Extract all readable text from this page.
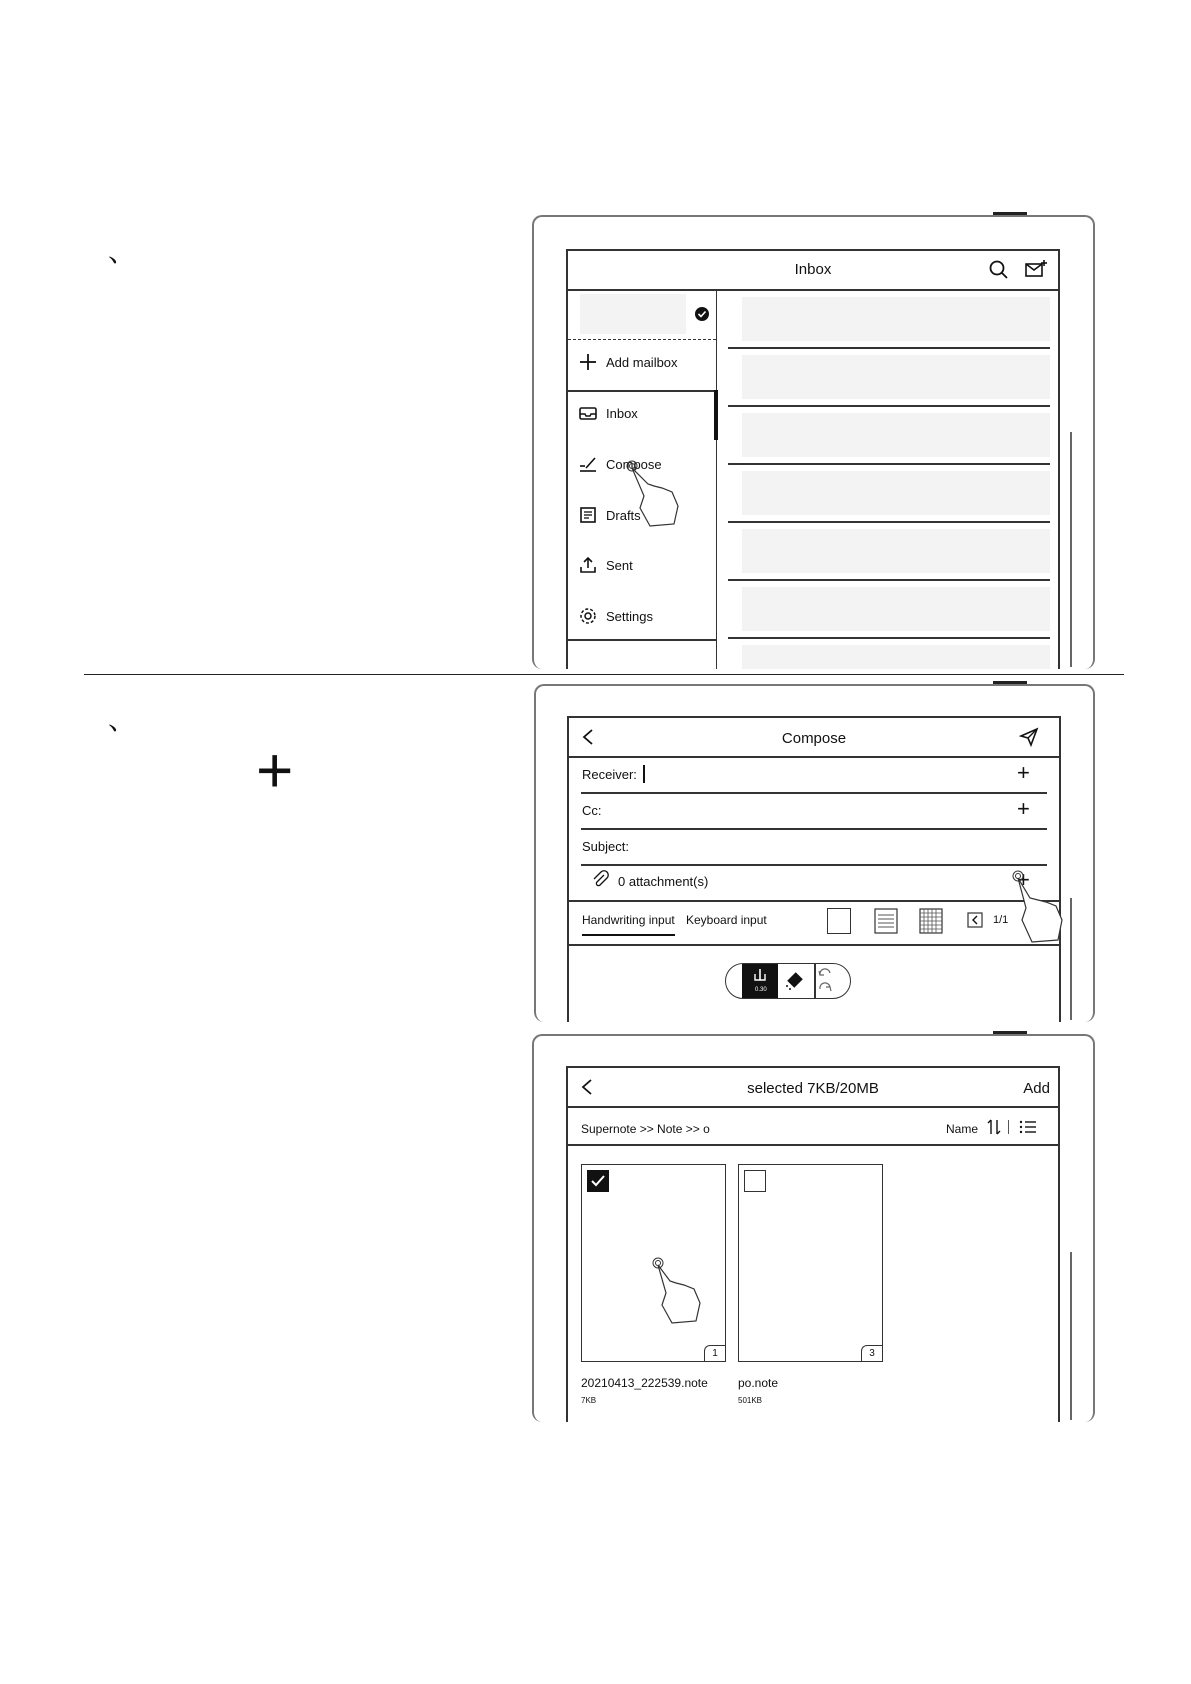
、
、
+
Inbox
Add mailbox
Inbox
Compose
Drafts
Sent
Settings
Compose
Receiver:	+
Cc:	+
Subject:
0 attachment(s)	+
Handwriting input Keyboard input	1/1
0.30
selected 7KB/20MB	Add
Supernote >> Note >> o	Name
1
20210413_222539.note
7KB
3
po.note
501KB
